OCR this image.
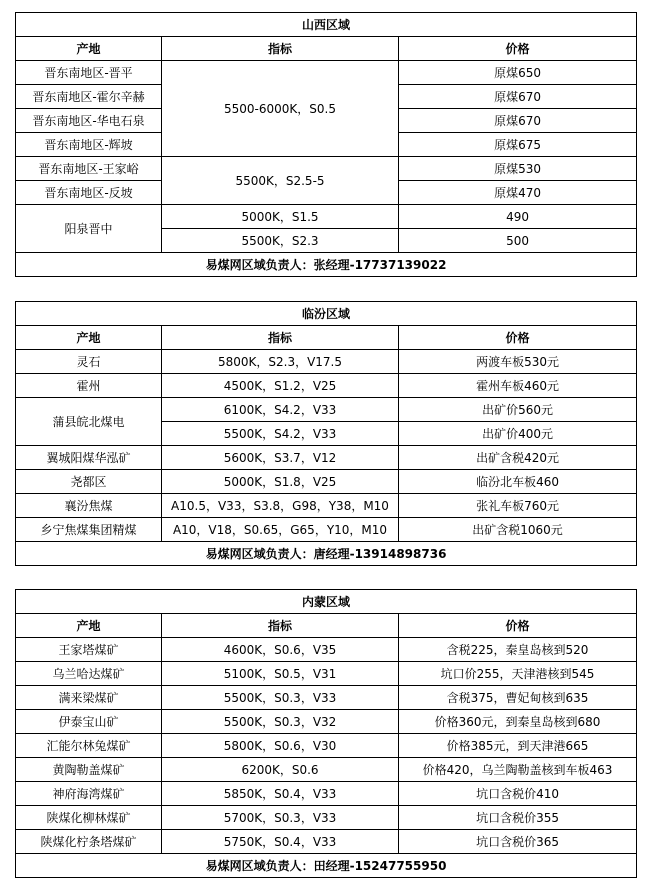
山西区域		
产地	指标	价格
晋东南地区-晋平	5500-6000K，S0.5	原煤650
晋东南地区-霍尔辛赫		原煤670
晋东南地区-华电石泉		原煤670
晋东南地区-辉坡		原煤675
晋东南地区-王家峪	5500K，S2.5-5	原煤530
晋东南地区-反坡		原煤470
阳泉晋中	5000K，S1.5	490
	5500K，S2.3	500
易煤网区域负责人：张经理-17737139022		
临汾区域		
产地	指标	价格
灵石	5800K，S2.3，V17.5	两渡车板530元
霍州	4500K，S1.2，V25	霍州车板460元
蒲县皖北煤电	6100K，S4.2，V33	出矿价560元
	5500K，S4.2，V33	出矿价400元
翼城阳煤华泓矿	5600K，S3.7，V12	出矿含税420元
尧都区	5000K，S1.8，V25	临汾北车板460
襄汾焦煤	A10.5，V33，S3.8，G98，Y38，M10	张礼车板760元
乡宁焦煤集团精煤	A10，V18，S0.65，G65，Y10，M10	出矿含税1060元
易煤网区域负责人：唐经理-13914898736		
内蒙区域		
产地	指标	价格
王家塔煤矿	4600K，S0.6，V35	含税225，秦皇岛核到520
乌兰哈达煤矿	5100K，S0.5，V31	坑口价255，天津港核到545
满来梁煤矿	5500K，S0.3，V33	含税375，曹妃甸核到635
伊泰宝山矿	5500K，S0.3，V32	价格360元，到秦皇岛核到680
汇能尔林兔煤矿	5800K，S0.6，V30	价格385元，到天津港665
黄陶勒盖煤矿	6200K，S0.6	价格420，乌兰陶勒盖核到车板463
神府海湾煤矿	5850K，S0.4，V33	坑口含税价410
陕煤化柳林煤矿	5700K，S0.3，V33	坑口含税价355
陕煤化柠条塔煤矿	5750K，S0.4，V33	坑口含税价365
易煤网区域负责人：田经理-15247755950		
